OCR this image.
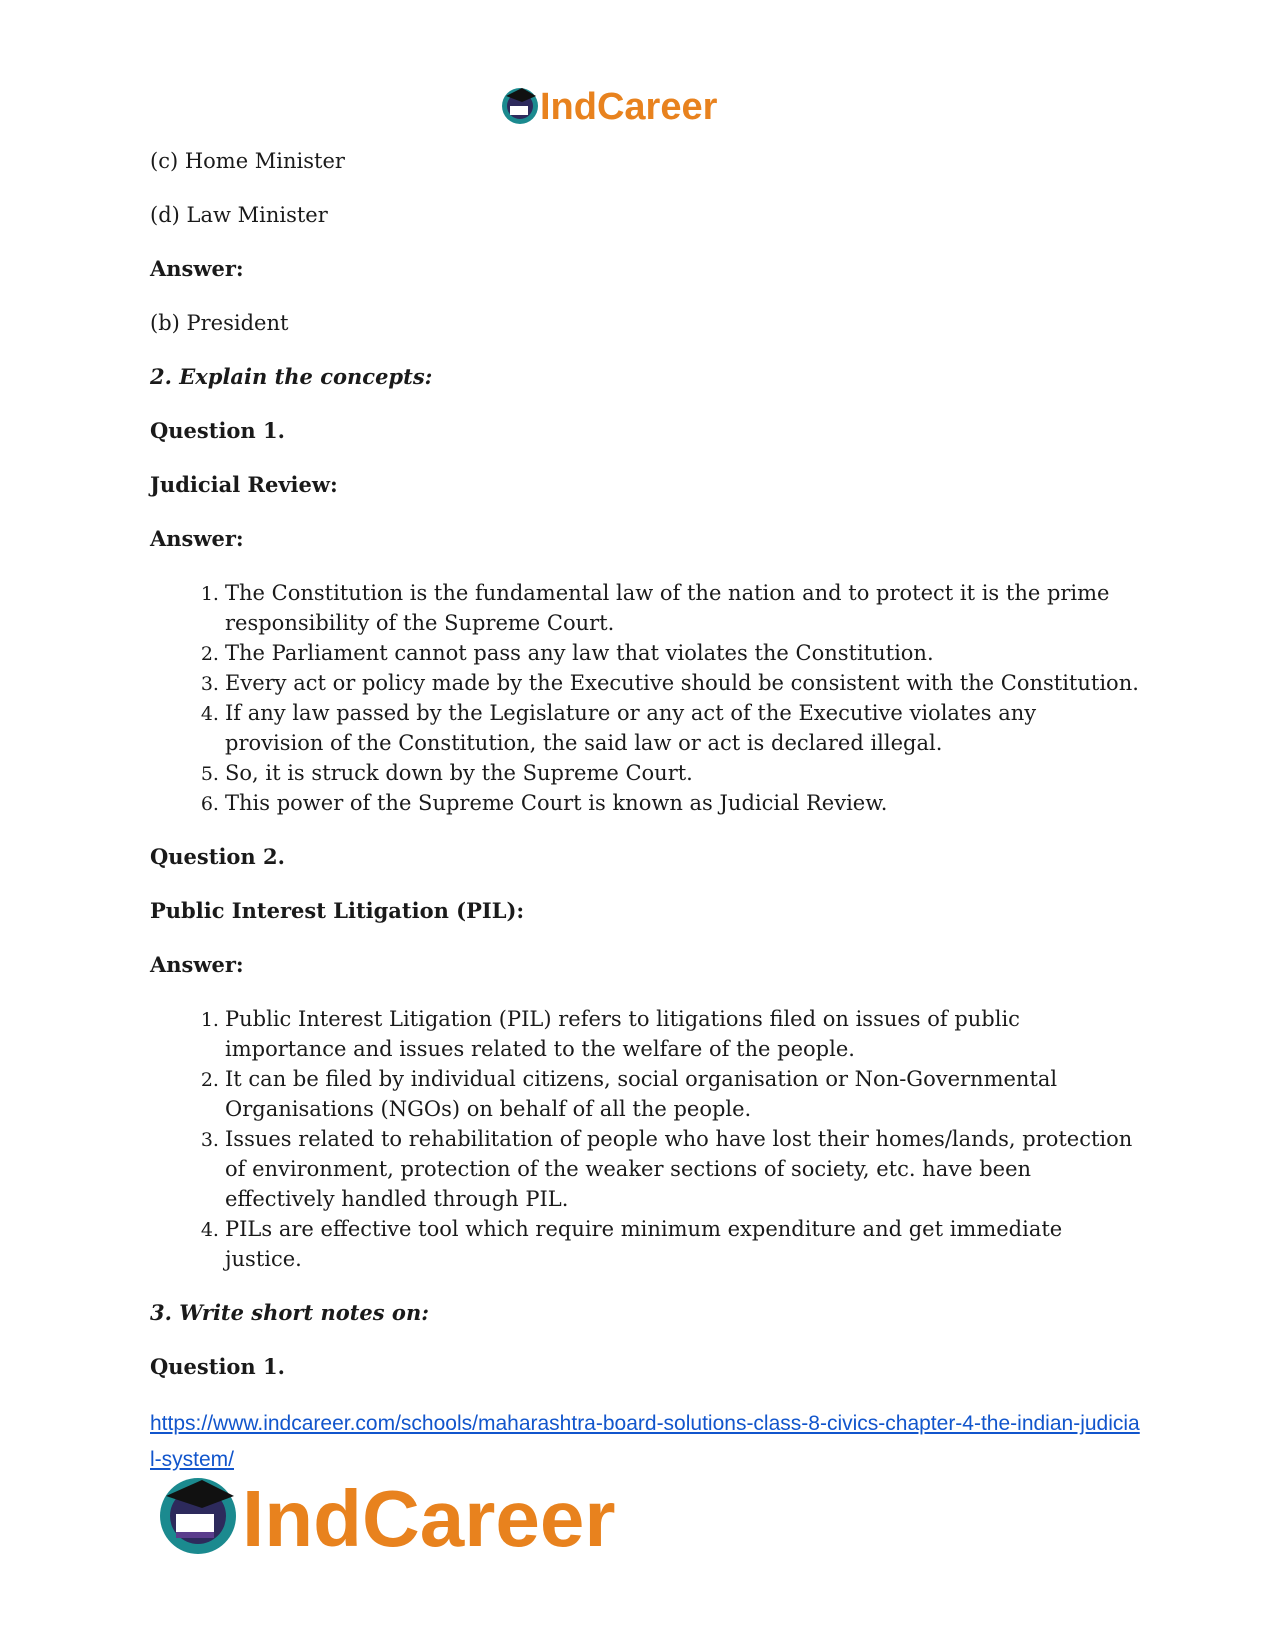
IndCareer

(c) Home Minister

(d) Law Minister

Answer:

(b) President

2. Explain the concepts:

Question 1.

Judicial Review:

Answer:

1. The Constitution is the fundamental law of the nation and to protect it is the prime responsibility of the Supreme Court.
2. The Parliament cannot pass any law that violates the Constitution.
3. Every act or policy made by the Executive should be consistent with the Constitution.
4. If any law passed by the Legislature or any act of the Executive violates any provision of the Constitution, the said law or act is declared illegal.
5. So, it is struck down by the Supreme Court.
6. This power of the Supreme Court is known as Judicial Review.

Question 2.

Public Interest Litigation (PIL):

Answer:

1. Public Interest Litigation (PIL) refers to litigations filed on issues of public importance and issues related to the welfare of the people.
2. It can be filed by individual citizens, social organisation or Non-Governmental Organisations (NGOs) on behalf of all the people.
3. Issues related to rehabilitation of people who have lost their homes/lands, protection of environment, protection of the weaker sections of society, etc. have been effectively handled through PIL.
4. PILs are effective tool which require minimum expenditure and get immediate justice.

3. Write short notes on:

Question 1.

https://www.indcareer.com/schools/maharashtra-board-solutions-class-8-civics-chapter-4-the-indian-judicial-system/
IndCareer
